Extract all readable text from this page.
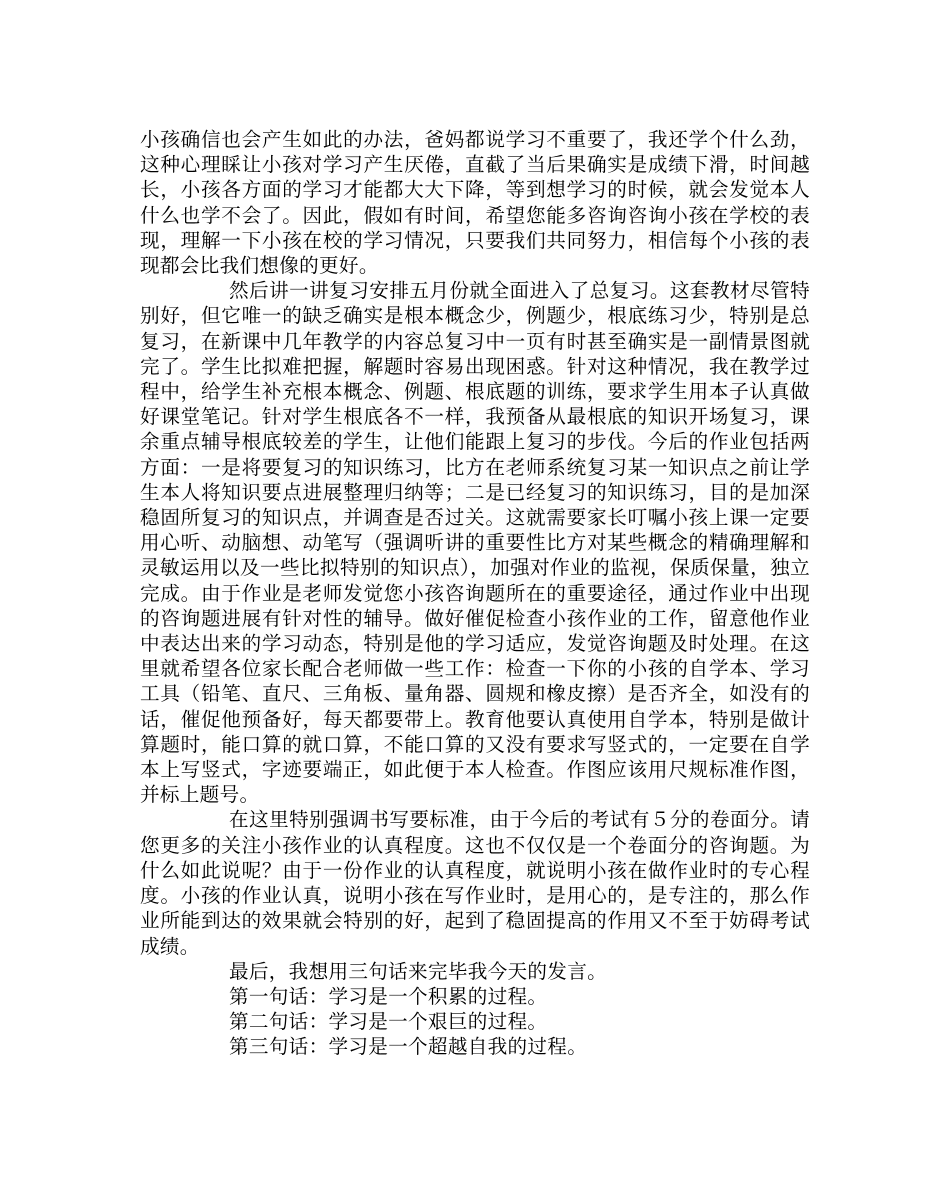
小孩确信也会产生如此的办法，爸妈都说学习不重要了，我还学个什么劲，这种心理睬让小孩对学习产生厌倦，直截了当后果确实是成绩下滑，时间越长，小孩各方面的学习才能都大大下降，等到想学习的时候，就会发觉本人什么也学不会了。因此，假如有时间，希望您能多咨询咨询小孩在学校的表现，理解一下小孩在校的学习情况，只要我们共同努力，相信每个小孩的表现都会比我们想像的更好。

然后讲一讲复习安排五月份就全面进入了总复习。这套教材尽管特别好，但它唯一的缺乏确实是根本概念少，例题少，根底练习少，特别是总复习，在新课中几年教学的内容总复习中一页有时甚至确实是一副情景图就完了。学生比拟难把握，解题时容易出现困惑。针对这种情况，我在教学过程中，给学生补充根本概念、例题、根底题的训练，要求学生用本子认真做好课堂笔记。针对学生根底各不一样，我预备从最根底的知识开场复习，课余重点辅导根底较差的学生，让他们能跟上复习的步伐。今后的作业包括两方面：一是将要复习的知识练习，比方在老师系统复习某一知识点之前让学生本人将知识要点进展整理归纳等；二是已经复习的知识练习，目的是加深稳固所复习的知识点，并调查是否过关。这就需要家长叮嘱小孩上课一定要用心听、动脑想、动笔写（强调听讲的重要性比方对某些概念的精确理解和灵敏运用以及一些比拟特别的知识点），加强对作业的监视，保质保量，独立完成。由于作业是老师发觉您小孩咨询题所在的重要途径，通过作业中出现的咨询题进展有针对性的辅导。做好催促检查小孩作业的工作，留意他作业中表达出来的学习动态，特别是他的学习适应，发觉咨询题及时处理。在这里就希望各位家长配合老师做一些工作：检查一下你的小孩的自学本、学习工具（铅笔、直尺、三角板、量角器、圆规和橡皮擦）是否齐全，如没有的话，催促他预备好，每天都要带上。教育他要认真使用自学本，特别是做计算题时，能口算的就口算，不能口算的又没有要求写竖式的，一定要在自学本上写竖式，字迹要端正，如此便于本人检查。作图应该用尺规标准作图，并标上题号。

在这里特别强调书写要标准，由于今后的考试有５分的卷面分。请您更多的关注小孩作业的认真程度。这也不仅仅是一个卷面分的咨询题。为什么如此说呢？由于一份作业的认真程度，就说明小孩在做作业时的专心程度。小孩的作业认真，说明小孩在写作业时，是用心的，是专注的，那么作业所能到达的效果就会特别的好，起到了稳固提高的作用又不至于妨碍考试成绩。

最后，我想用三句话来完毕我今天的发言。

第一句话：学习是一个积累的过程。

第二句话：学习是一个艰巨的过程。

第三句话：学习是一个超越自我的过程。
